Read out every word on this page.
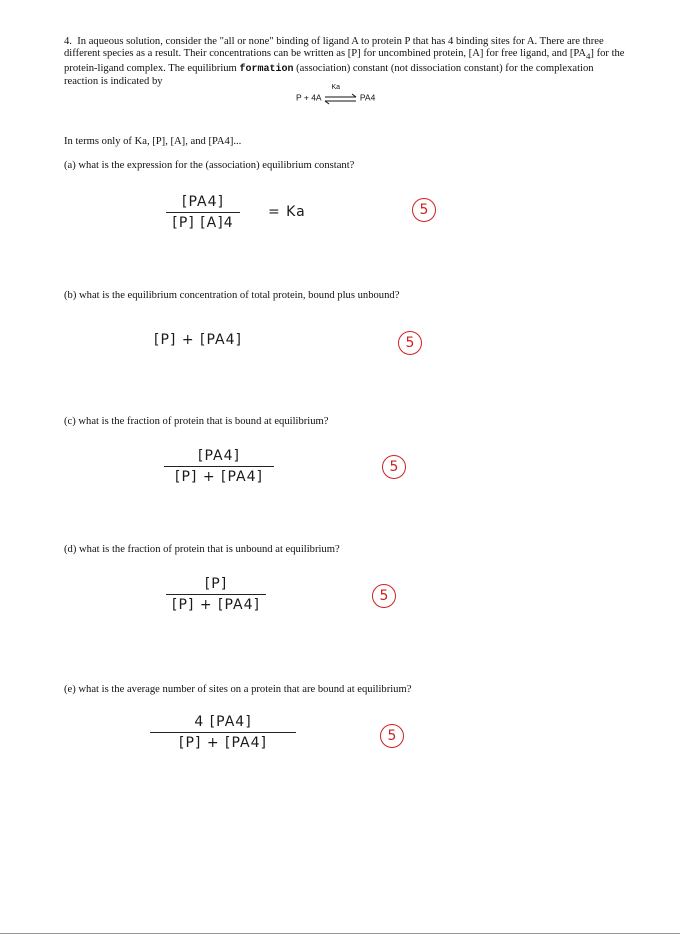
4. In aqueous solution, consider the "all or none" binding of ligand A to protein P that has 4 binding sites for A. There are three different species as a result. Their concentrations can be written as [P] for uncombined protein, [A] for free ligand, and $[PA_4]$ for the protein-ligand complex. The equilibrium formation (association) constant (not dissociation constant) for the complexation reaction is indicated by
P + 4A
Ka
PA4
In terms only of Ka, [P], [A], and [PA4]...
(a) what is the expression for the (association) equilibrium constant?
[PA4]
[P] [A]4
= Ka	5
(b) what is the equilibrium concentration of total protein, bound plus unbound?
[P] + [PA4]	5
(c) what is the fraction of protein that is bound at equilibrium?
[PA4]
[P] + [PA4]
5
(d) what is the fraction of protein that is unbound at equilibrium?
[P]
[P] + [PA4]
5
(e) what is the average number of sites on a protein that are bound at equilibrium?
4 [PA4]
[P] + [PA4]	5
